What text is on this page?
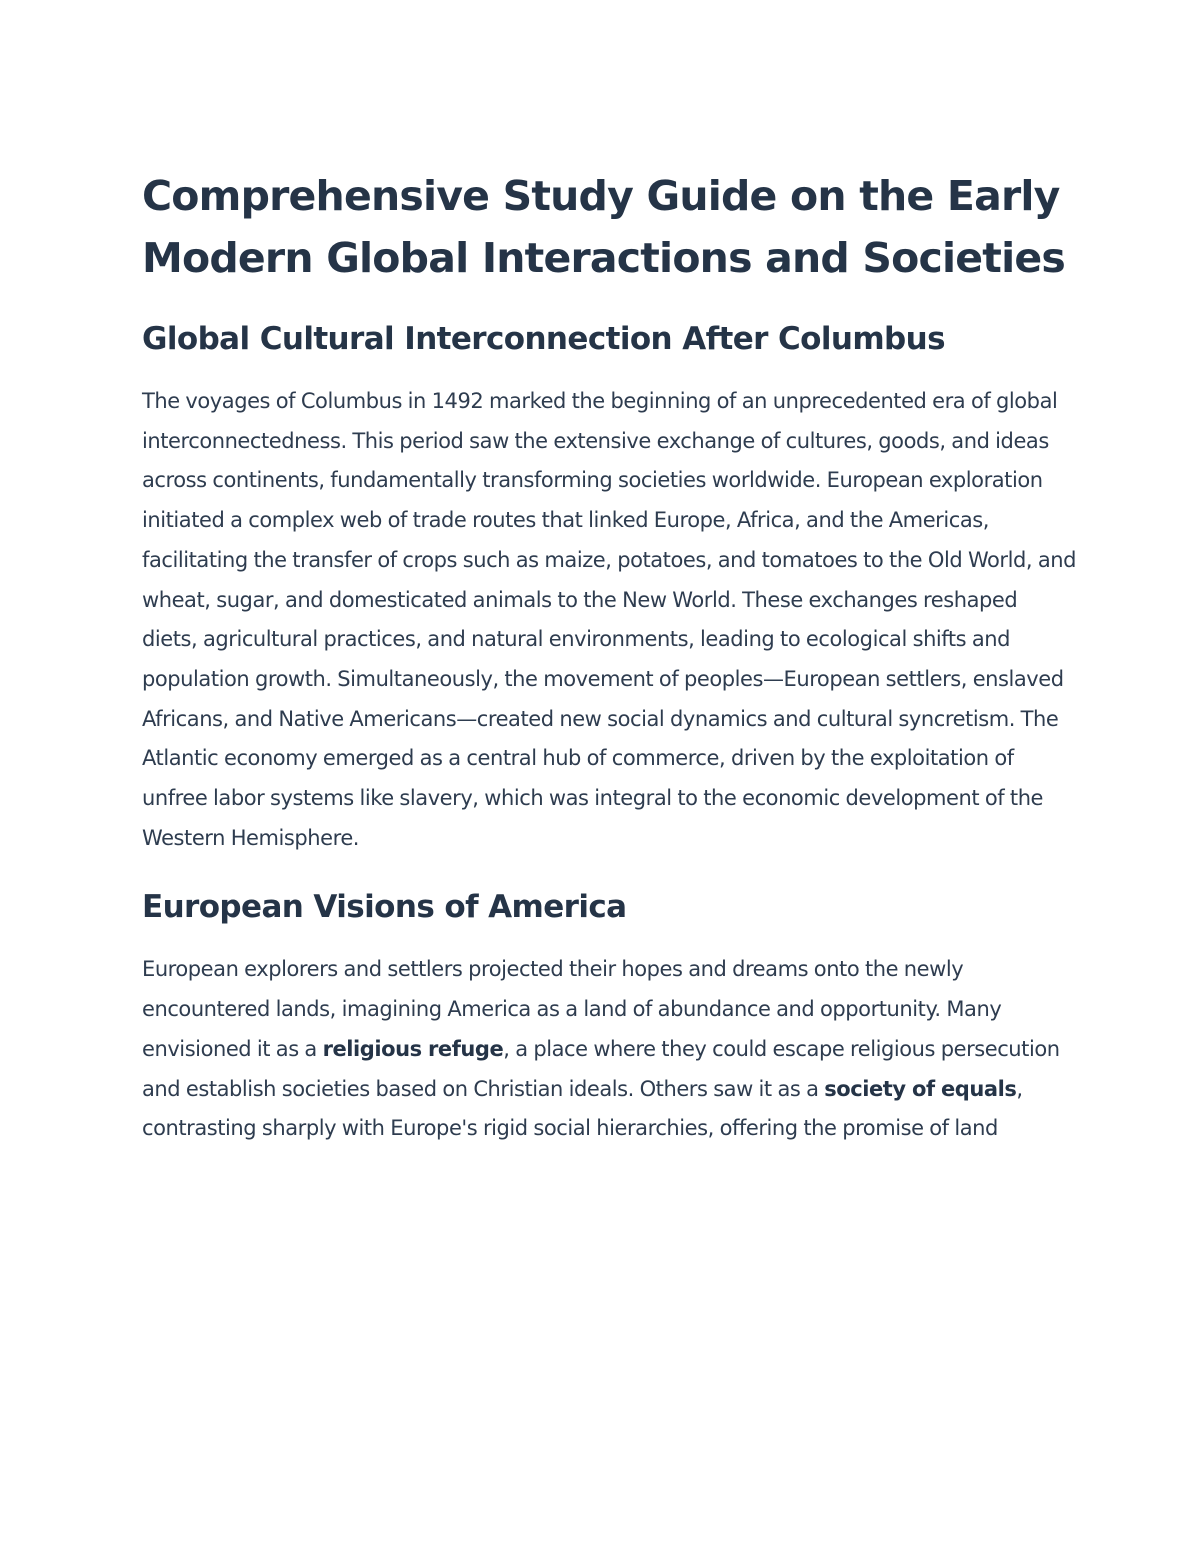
Comprehensive Study Guide on the Early Modern Global Interactions and Societies
Global Cultural Interconnection After Columbus

The voyages of Columbus in 1492 marked the beginning of an unprecedented era of global interconnectedness. This period saw the extensive exchange of cultures, goods, and ideas across continents, fundamentally transforming societies worldwide. European exploration initiated a complex web of trade routes that linked Europe, Africa, and the Americas, facilitating the transfer of crops such as maize, potatoes, and tomatoes to the Old World, and wheat, sugar, and domesticated animals to the New World. These exchanges reshaped diets, agricultural practices, and natural environments, leading to ecological shifts and population growth. Simultaneously, the movement of peoples—European settlers, enslaved Africans, and Native Americans—created new social dynamics and cultural syncretism. The Atlantic economy emerged as a central hub of commerce, driven by the exploitation of unfree labor systems like slavery, which was integral to the economic development of the Western Hemisphere.

European Visions of America

European explorers and settlers projected their hopes and dreams onto the newly encountered lands, imagining America as a land of abundance and opportunity. Many envisioned it as a religious refuge, a place where they could escape religious persecution and establish societies based on Christian ideals. Others saw it as a society of equals, contrasting sharply with Europe's rigid social hierarchies, offering the promise of land
